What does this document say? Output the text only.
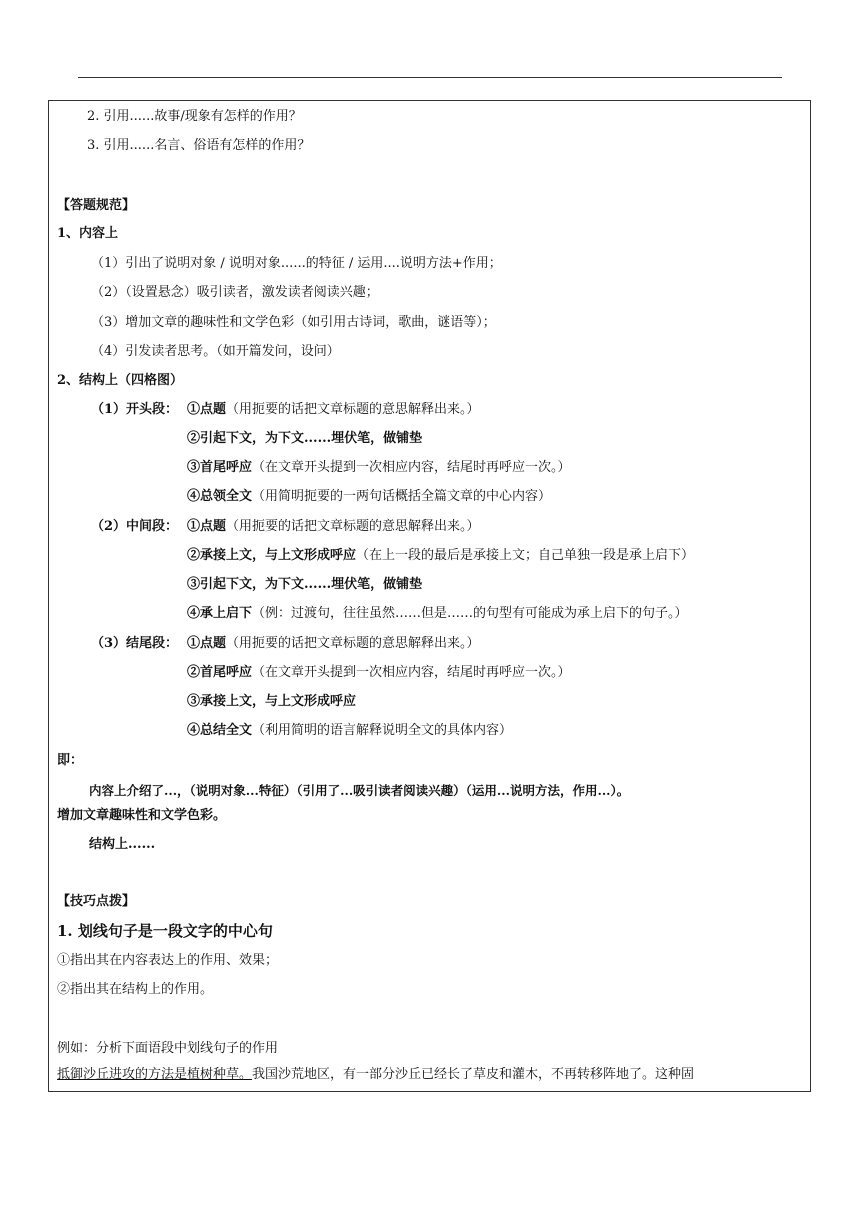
2. 引用......故事/现象有怎样的作用？
3. 引用......名言、俗语有怎样的作用？
【答题规范】
1、内容上
（1）引出了说明对象 / 说明对象......的特征 / 运用....说明方法+作用；
（2）（设置悬念）吸引读者，激发读者阅读兴趣；
（3）增加文章的趣味性和文学色彩（如引用古诗词，歌曲，谜语等）；
（4）引发读者思考。（如开篇发问，设问）
2、结构上（四格图）
（1）开头段： ①点题（用扼要的话把文章标题的意思解释出来。）
②引起下文，为下文......埋伏笔，做铺垫
③首尾呼应（在文章开头提到一次相应内容，结尾时再呼应一次。）
④总领全文（用简明扼要的一两句话概括全篇文章的中心内容）
（2）中间段： ①点题（用扼要的话把文章标题的意思解释出来。）
②承接上文，与上文形成呼应（在上一段的最后是承接上文；自己单独一段是承上启下）
③引起下文，为下文......埋伏笔，做铺垫
④承上启下（例：过渡句，往往虽然……但是……的句型有可能成为承上启下的句子。）
（3）结尾段： ①点题（用扼要的话把文章标题的意思解释出来。）
②首尾呼应（在文章开头提到一次相应内容，结尾时再呼应一次。）
③承接上文，与上文形成呼应
④总结全文（利用简明的语言解释说明全文的具体内容）
即：
内容上介绍了...，（说明对象...特征）（引用了...吸引读者阅读兴趣）（运用...说明方法，作用...）。
增加文章趣味性和文学色彩。
结构上......
【技巧点拨】
1. 划线句子是一段文字的中心句
①指出其在内容表达上的作用、效果；
②指出其在结构上的作用。
例如：分析下面语段中划线句子的作用
抵御沙丘进攻的方法是植树种草。我国沙荒地区，有一部分沙丘已经长了草皮和灌木，不再转移阵地了。这种固
